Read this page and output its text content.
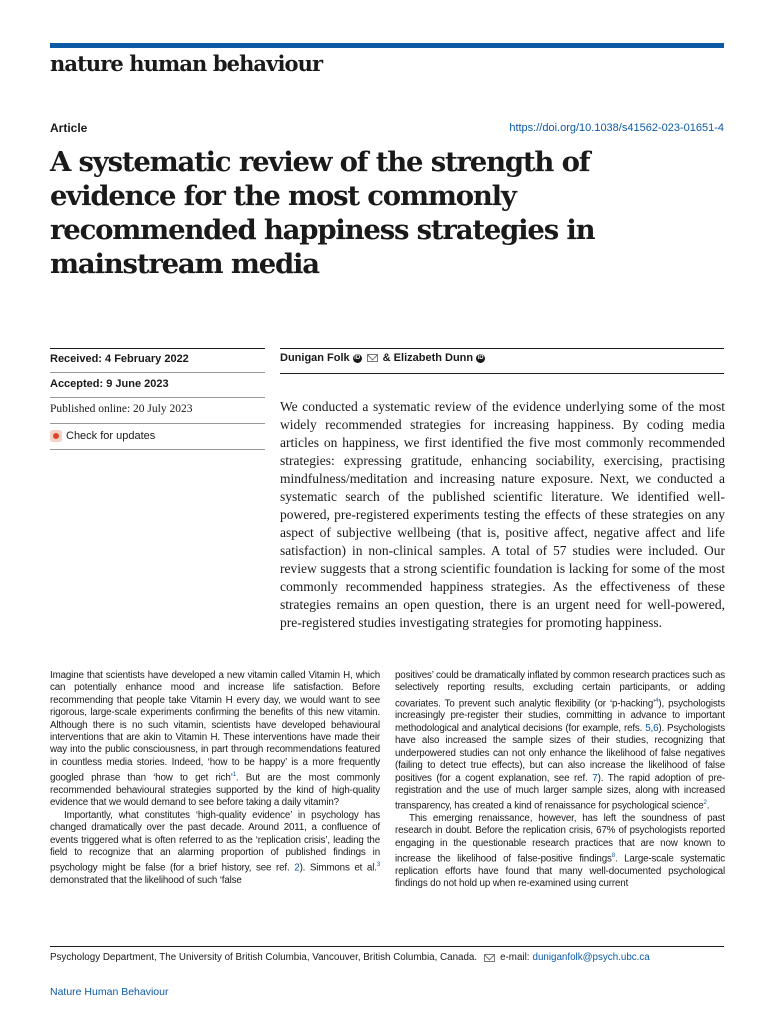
nature human behaviour
Article	https://doi.org/10.1038/s41562-023-01651-4
A systematic review of the strength of evidence for the most commonly recommended happiness strategies in mainstream media
Received: 4 February 2022
Accepted: 9 June 2023
Published online: 20 July 2023
Check for updates
Dunigan Folk iD & Elizabeth Dunn iD

We conducted a systematic review of the evidence underlying some of the most widely recommended strategies for increasing happiness. By coding media articles on happiness, we first identified the five most commonly recommended strategies: expressing gratitude, enhancing sociability, exercising, practising mindfulness/meditation and increasing nature exposure. Next, we conducted a systematic search of the published scientific literature. We identified well-powered, pre-registered experiments testing the effects of these strategies on any aspect of subjective wellbeing (that is, positive affect, negative affect and life satisfaction) in non-clinical samples. A total of 57 studies were included. Our review suggests that a strong scientific foundation is lacking for some of the most commonly recommended happiness strategies. As the effectiveness of these strategies remains an open question, there is an urgent need for well-powered, pre-registered studies investigating strategies for promoting happiness.

Imagine that scientists have developed a new vitamin called Vitamin H, which can potentially enhance mood and increase life satisfaction. Before recommending that people take Vitamin H every day, we would want to see rigorous, large-scale experiments confirming the benefits of this new vitamin. Although there is no such vitamin, scientists have developed behavioural interventions that are akin to Vitamin H. These interventions have made their way into the public consciousness, in part through recommendations featured in countless media stories. Indeed, ‘how to be happy’ is a more frequently googled phrase than ‘how to get rich’$^1$. But are the most commonly recommended behavioural strategies supported by the kind of high-quality evidence that we would demand to see before taking a daily vitamin?

Importantly, what constitutes ‘high-quality evidence’ in psychology has changed dramatically over the past decade. Around 2011, a confluence of events triggered what is often referred to as the ‘replication crisis’, leading the field to recognize that an alarming proportion of published findings in psychology might be false (for a brief history, see ref. 2). Simmons et al.$^3$ demonstrated that the likelihood of such ‘false

positives’ could be dramatically inflated by common research practices such as selectively reporting results, excluding certain participants, or adding covariates. To prevent such analytic flexibility (or ‘p-hacking’$^4$), psychologists increasingly pre-register their studies, committing in advance to important methodological and analytical decisions (for example, refs. 5,6). Psychologists have also increased the sample sizes of their studies, recognizing that underpowered studies can not only enhance the likelihood of false negatives (failing to detect true effects), but can also increase the likelihood of false positives (for a cogent explanation, see ref. 7). The rapid adoption of pre-registration and the use of much larger sample sizes, along with increased transparency, has created a kind of renaissance for psychological science$^2$.

This emerging renaissance, however, has left the soundness of past research in doubt. Before the replication crisis, 67% of psychologists reported engaging in the questionable research practices that are now known to increase the likelihood of false-positive findings$^8$. Large-scale systematic replication efforts have found that many well-documented psychological findings do not hold up when re-examined using current

Psychology Department, The University of British Columbia, Vancouver, British Columbia, Canada. e-mail: duniganfolk@psych.ubc.ca
Nature Human Behaviour
